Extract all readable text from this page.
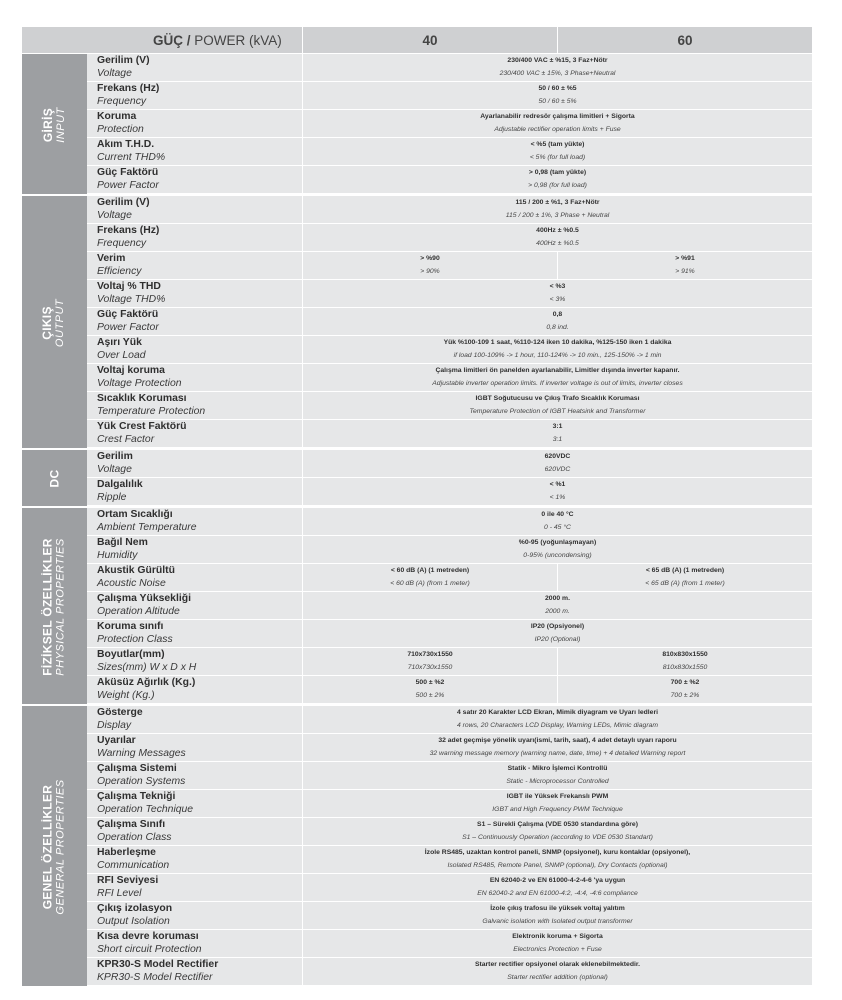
GÜÇ /
POWER (kVA)	40	60
GİRİŞ INPUT
Gerilim (V)
Voltage
230/400 VAC ± %15, 3 Faz+Nötr
230/400 VAC ± 15%, 3 Phase+Neutral
Frekans (Hz)
Frequency
50 / 60 ± %5
50 / 60 ± 5%
Koruma
Protection
Ayarlanabilir redresör çalışma limitleri + Sigorta
Adjustable rectifier operation limits + Fuse
Akım T.H.D.
Current THD%
< %5 (tam yükte)
< 5% (for full load)
Güç Faktörü
Power Factor
> 0,98 (tam yükte)
> 0,98 (for full load)
ÇIKIŞ OUTPUT
Gerilim (V)
Voltage
115 / 200 ± %1, 3 Faz+Nötr
115 / 200 ± 1%, 3 Phase + Neutral
Frekans (Hz)
Frequency
400Hz ± %0.5
400Hz ± %0.5
Verim
Efficiency
> %90
> 90%
> %91
> 91%
Voltaj % THD
Voltage THD%
< %3
< 3%
Güç Faktörü
Power Factor
0,8
0,8 ind.
Aşırı Yük
Over Load
Yük %100-109 1 saat, %110-124 iken 10 dakika, %125-150 iken 1 dakika
if load 100-109% -> 1 hour, 110-124% -> 10 min., 125-150% -> 1 min
Voltaj koruma
Voltage Protection
Çalışma limitleri ön panelden ayarlanabilir, Limitler dışında inverter kapanır.
Adjustable inverter operation limits. If inverter voltage is out of limits, inverter closes
Sıcaklık Koruması
Temperature Protection
IGBT Soğutucusu ve Çıkış Trafo Sıcaklık Koruması
Temperature Protection of IGBT Heatsink and Transformer
Yük Crest Faktörü
Crest Factor
3:1
3:1
DC
Gerilim
Voltage
620VDC
620VDC
Dalgalılık
Ripple
< %1
< 1%
FİZİKSEL ÖZELLİKLER PHYSICAL PROPERTIES
Ortam Sıcaklığı
Ambient Temperature
0 ile 40 °C
0 - 45 °C
Bağıl Nem
Humidity
%0-95 (yoğunlaşmayan)
0-95% (uncondensing)
Akustik Gürültü
Acoustic Noise
< 60 dB (A) (1 metreden)
< 60 dB (A) (from 1 meter)
< 65 dB (A) (1 metreden)
< 65 dB (A) (from 1 meter)
Çalışma Yüksekliği
Operation Altitude
2000 m.
2000 m.
Koruma sınıfı
Protection Class
IP20 (Opsiyonel)
IP20 (Optional)
Boyutlar(mm)
Sizes(mm) W x D x H
710x730x1550
710x730x1550
810x830x1550
810x830x1550
Aküsüz Ağırlık (Kg.)
Weight (Kg.)
500 ± %2
500 ± 2%
700 ± %2
700 ± 2%
GENEL ÖZELLİKLER GENERAL PROPERTIES
Gösterge
Display
4 satır 20 Karakter LCD Ekran, Mimik diyagram ve Uyarı ledleri
4 rows, 20 Characters LCD Display, Warning LEDs, Mimic diagram
Uyarılar
Warning Messages
32 adet geçmişe yönelik uyarı(ismi, tarih, saat), 4 adet detaylı uyarı raporu
32 warning message memory (warning name, date, time) + 4 detailed Warning report
Çalışma Sistemi
Operation Systems
Statik - Mikro İşlemci Kontrollü
Static - Microprocessor Controlled
Çalışma Tekniği
Operation Technique
IGBT ile Yüksek Frekanslı PWM
IGBT and High Frequency PWM Technique
Çalışma Sınıfı
Operation Class
S1 – Sürekli Çalışma (VDE 0530 standardına göre)
S1 – Continuously Operation (according to VDE 0530 Standart)
Haberleşme
Communication
İzole RS485, uzaktan kontrol paneli, SNMP (opsiyonel), kuru kontaklar (opsiyonel),
Isolated RS485, Remote Panel, SNMP (optional), Dry Contacts (optional)
RFI Seviyesi
RFI Level
EN 62040-2 ve EN 61000-4-2-4-6 'ya uygun
EN 62040-2 and EN 61000-4:2, -4:4, -4:6 compliance
Çıkış izolasyon
Output Isolation
İzole çıkış trafosu ile yüksek voltaj yalıtım
Galvanic isolation with Isolated output transformer
Kısa devre koruması
Short circuit Protection
Elektronik koruma + Sigorta
Electronics Protection + Fuse
KPR30-S Model Rectifier
KPR30-S Model Rectifier
Starter rectifier opsiyonel olarak eklenebilmektedir.
Starter rectifier addition (optional)
